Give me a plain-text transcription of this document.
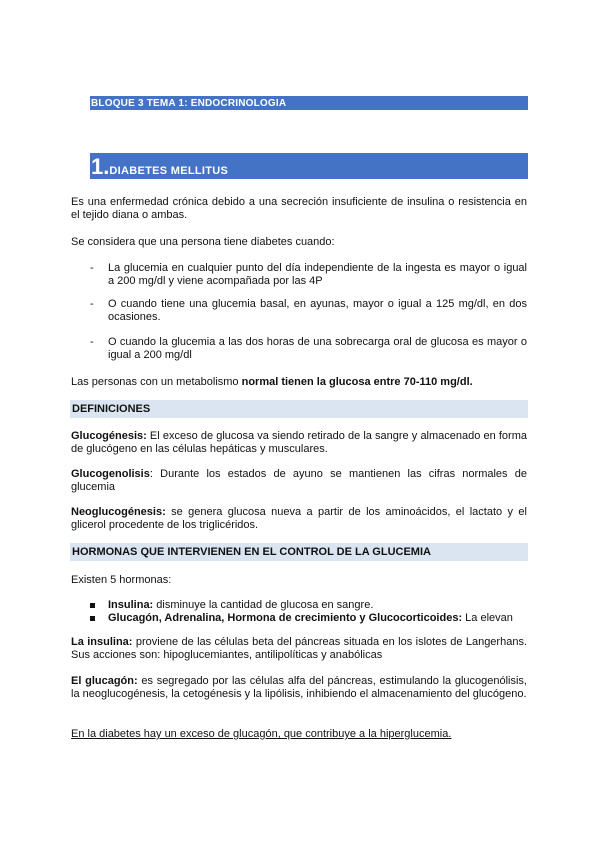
BLOQUE 3 TEMA 1: ENDOCRINOLOGIA
1.DIABETES MELLITUS
Es una enfermedad crónica debido a una secreción insuficiente de insulina o resistencia en el tejido diana o ambas.
Se considera que una persona tiene diabetes cuando:
- La glucemia en cualquier punto del día independiente de la ingesta es mayor o igual a 200 mg/dl y viene acompañada por las 4P
- O cuando tiene una glucemia basal, en ayunas, mayor o igual a 125 mg/dl, en dos ocasiones.
- O cuando la glucemia a las dos horas de una sobrecarga oral de glucosa es mayor o igual a 200 mg/dl
Las personas con un metabolismo normal tienen la glucosa entre 70-110 mg/dl.
DEFINICIONES
Glucogénesis: El exceso de glucosa va siendo retirado de la sangre y almacenado en forma de glucógeno en las células hepáticas y musculares.
Glucogenolisis: Durante los estados de ayuno se mantienen las cifras normales de glucemia
Neoglucogénesis: se genera glucosa nueva a partir de los aminoácidos, el lactato y el glicerol procedente de los triglicéridos.
HORMONAS QUE INTERVIENEN EN EL CONTROL DE LA GLUCEMIA
Existen 5 hormonas:
Insulina: disminuye la cantidad de glucosa en sangre.
Glucagón, Adrenalina, Hormona de crecimiento y Glucocorticoides: La elevan
La insulina: proviene de las células beta del páncreas situada en los islotes de Langerhans. Sus acciones son: hipoglucemiantes, antilipolíticas y anabólicas
El glucagón: es segregado por las células alfa del páncreas, estimulando la glucogenólisis, la neoglucogénesis, la cetogénesis y la lipólisis, inhibiendo el almacenamiento del glucógeno.
En la diabetes hay un exceso de glucagón, que contribuye a la hiperglucemia.
